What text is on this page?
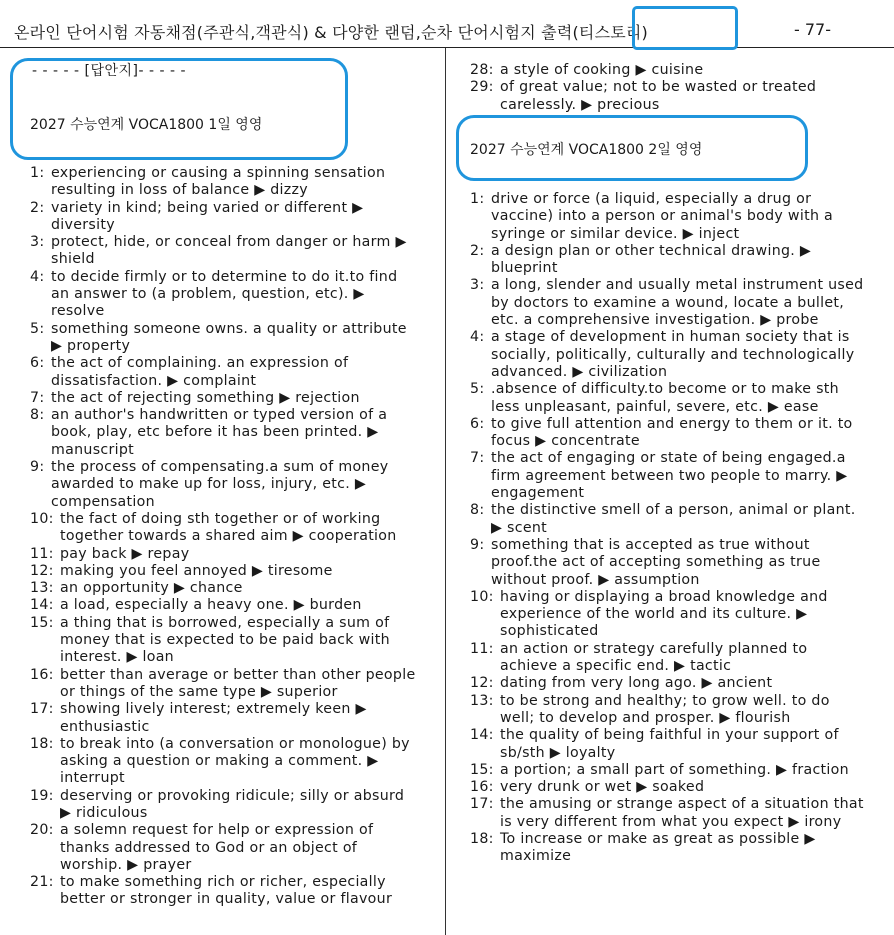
온라인 단어시험 자동채점(주관식,객관식) & 다양한 랜덤,순차 단어시험지 출력(티스토리)	- 77-
- - - - - [답안지]- - - - -
2027 수능연계 VOCA1800 1일 영영
1: experiencing or causing a spinning sensation resulting in loss of balance ▶ dizzy
2: variety in kind; being varied or different ▶ diversity
3: protect, hide, or conceal from danger or harm ▶ shield
4: to decide firmly or to determine to do it.to find an answer to (a problem, question, etc). ▶ resolve
5: something someone owns. a quality or attribute ▶ property
6: the act of complaining. an expression of dissatisfaction. ▶ complaint
7: the act of rejecting something ▶ rejection
8: an author's handwritten or typed version of a book, play, etc before it has been printed. ▶ manuscript
9: the process of compensating.a sum of money awarded to make up for loss, injury, etc. ▶ compensation
10: the fact of doing sth together or of working together towards a shared aim ▶ cooperation
11: pay back ▶ repay
12: making you feel annoyed ▶ tiresome
13: an opportunity ▶ chance
14: a load, especially a heavy one. ▶ burden
15: a thing that is borrowed, especially a sum of money that is expected to be paid back with interest. ▶ loan
16: better than average or better than other people or things of the same type ▶ superior
17: showing lively interest; extremely keen ▶ enthusiastic
18: to break into (a conversation or monologue) by asking a question or making a comment. ▶ interrupt
19: deserving or provoking ridicule; silly or absurd ▶ ridiculous
20: a solemn request for help or expression of thanks addressed to God or an object of worship. ▶ prayer
21: to make something rich or richer, especially better or stronger in quality, value or flavour
28: a style of cooking ▶ cuisine
29: of great value; not to be wasted or treated carelessly. ▶ precious
2027 수능연계 VOCA1800 2일 영영
1: drive or force (a liquid, especially a drug or vaccine) into a person or animal's body with a syringe or similar device. ▶ inject
2: a design plan or other technical drawing. ▶ blueprint
3: a long, slender and usually metal instrument used by doctors to examine a wound, locate a bullet, etc. a comprehensive investigation. ▶ probe
4: a stage of development in human society that is socially, politically, culturally and technologically advanced. ▶ civilization
5: .absence of difficulty.to become or to make sth less unpleasant, painful, severe, etc. ▶ ease
6: to give full attention and energy to them or it. to focus ▶ concentrate
7: the act of engaging or state of being engaged.a firm agreement between two people to marry. ▶ engagement
8: the distinctive smell of a person, animal or plant. ▶ scent
9: something that is accepted as true without proof.the act of accepting something as true without proof. ▶ assumption
10: having or displaying a broad knowledge and experience of the world and its culture. ▶ sophisticated
11: an action or strategy carefully planned to achieve a specific end. ▶ tactic
12: dating from very long ago. ▶ ancient
13: to be strong and healthy; to grow well. to do well; to develop and prosper. ▶ flourish
14: the quality of being faithful in your support of sb/sth ▶ loyalty
15: a portion; a small part of something. ▶ fraction
16: very drunk or wet ▶ soaked
17: the amusing or strange aspect of a situation that is very different from what you expect ▶ irony
18: To increase or make as great as possible ▶ maximize
